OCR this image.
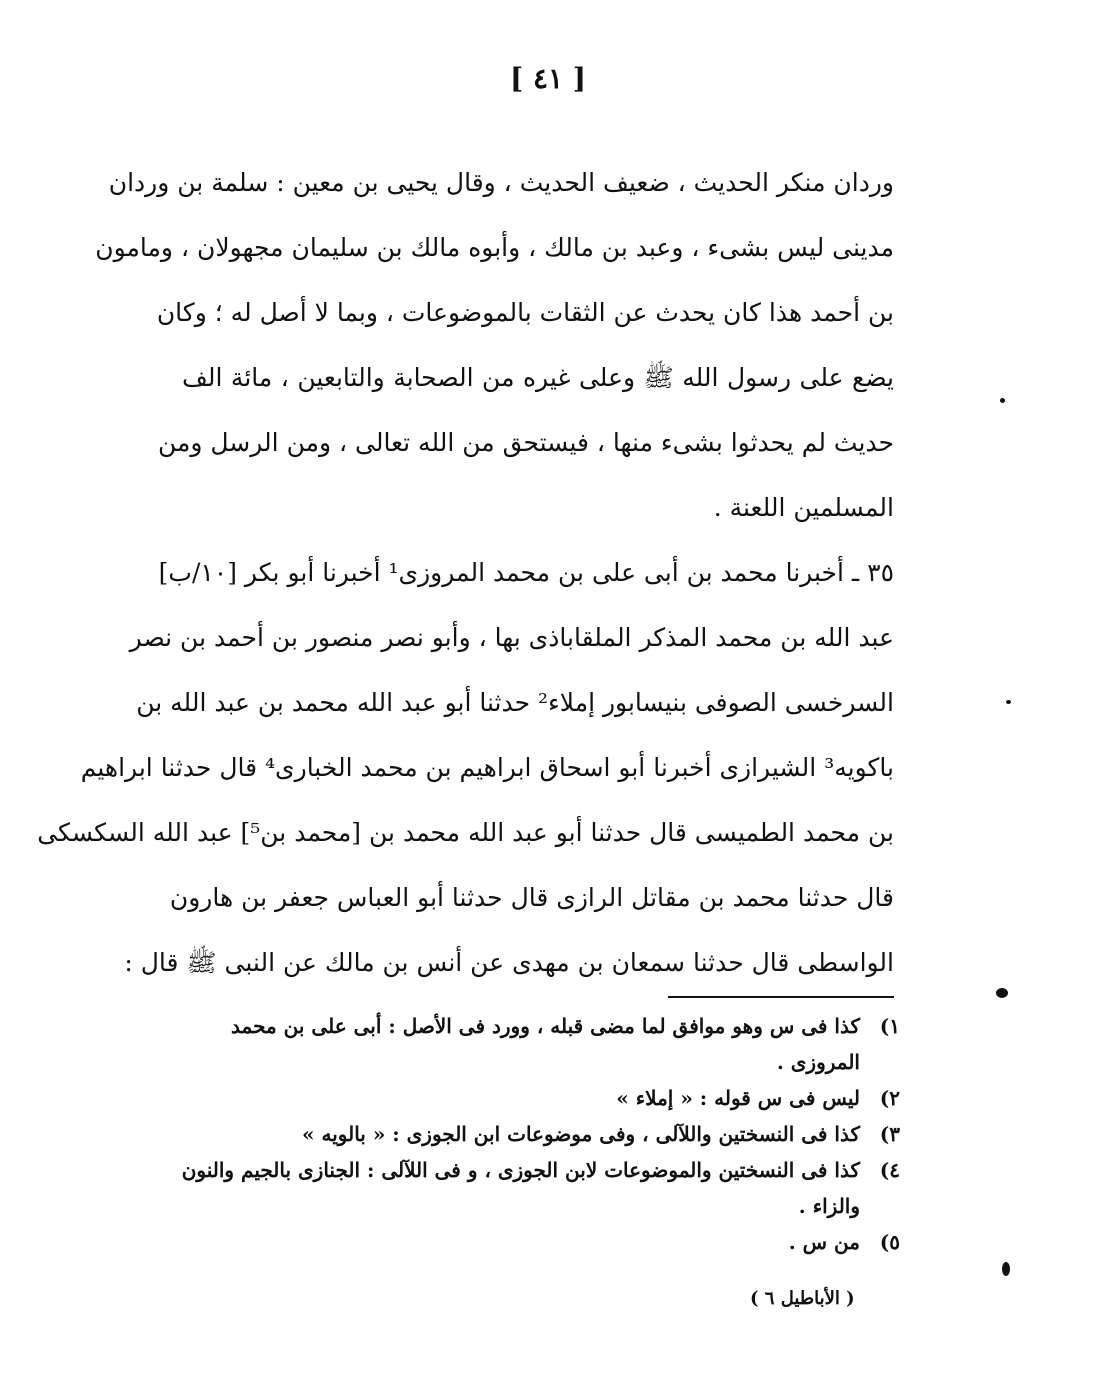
[ ٤١ ]
وردان منكر الحديث ، ضعيف الحديث ، وقال يحيى بن معين : سلمة بن وردان
مدينى ليس بشىء ، وعبد بن مالك ، وأبوه مالك بن سليمان مجهولان ، ومامون
بن أحمد هذا كان يحدث عن الثقات بالموضوعات ، وبما لا أصل له ؛ وكان
يضع على رسول الله ﷺ وعلى غيره من الصحابة والتابعين ، مائة الف
حديث لم يحدثوا بشىء منها ، فيستحق من الله تعالى ، ومن الرسل ومن
المسلمين اللعنة .
٣٥ ـ أخبرنا محمد بن أبى على بن محمد المروزى¹ أخبرنا أبو بكر [١٠/ب]
عبد الله بن محمد المذكر الملقاباذى بها ، وأبو نصر منصور بن أحمد بن نصر
السرخسى الصوفى بنيسابور إملاء² حدثنا أبو عبد الله محمد بن عبد الله بن
باكويه³ الشيرازى أخبرنا أبو اسحاق ابراهيم بن محمد الخبارى⁴ قال حدثنا ابراهيم
بن محمد الطميسى قال حدثنا أبو عبد الله محمد بن [محمد بن⁵] عبد الله السكسكى
قال حدثنا محمد بن مقاتل الرازى قال حدثنا أبو العباس جعفر بن هارون
الواسطى قال حدثنا سمعان بن مهدى عن أنس بن مالك عن النبى ﷺ قال :
١)
كذا فى س وهو موافق لما مضى قبله ، وورد فى الأصل : أبى على بن محمد المروزى .
٢)
ليس فى س قوله : « إملاء »
٣)
كذا فى النسختين واللآلى ، وفى موضوعات ابن الجوزى : « بالويه »
٤)
كذا فى النسختين والموضوعات لابن الجوزى ، و فى اللآلى : الجنازى بالجيم والنون
والزاء .
٥)
من س .
( الأباطيل ٦ )
